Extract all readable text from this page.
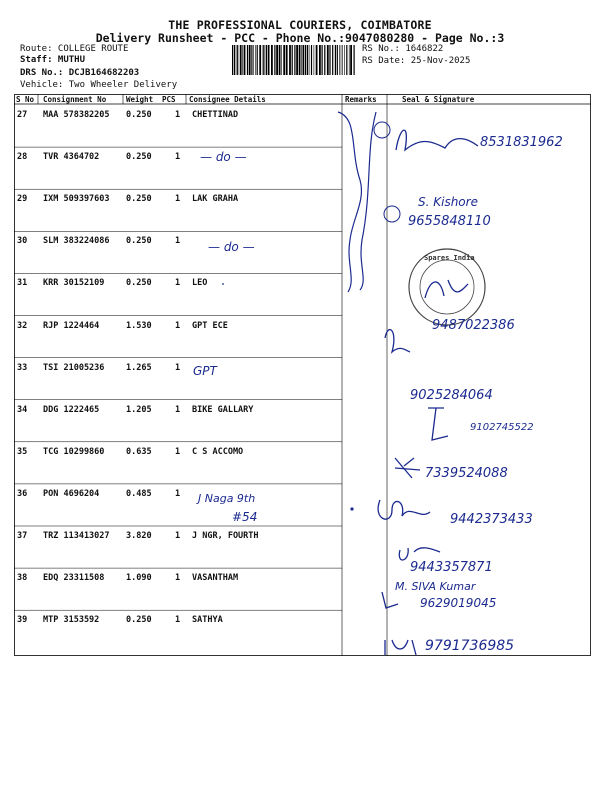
THE PROFESSIONAL COURIERS, COIMBATORE
Delivery Runsheet - PCC - Phone No.:9047080280 - Page No.:3
Route: COLLEGE ROUTE
Staff: MUTHU
DRS No.: DCJB164682203
Vehicle: Two Wheeler Delivery
RS No.: 1646822
RS Date: 25-Nov-2025
S No Consignment No	Weight PCS Consignee Details	Remarks	Seal & Signature
27 MAA 578382205 0.250	1 CHETTINAD
28 TVR 4364702	0.250	1
29 IXM 509397603 0.250	1 LAK GRAHA
30 SLM 383224086 0.250	1
31 KRR 30152109	0.250	1 LEO
32 RJP 1224464	1.530	1 GPT ECE
33 TSI 21005236	1.265	1
34 DDG 1222465	1.205	1 BIKE GALLARY
35 TCG 10299860	0.635	1 C S ACCOMO
36 PON 4696204	0.485	1
37 TRZ 113413027 3.820	1 J NGR, FOURTH
38 EDQ 23311508	1.090	1 VASANTHAM
39 MTP 3153592	0.250	1 SATHYA
8531831962
— do —
S. Kishore
9655848110
— do —
Spares India
9487022386
GPT
9025284064
9102745522
7339524088
J Naga 9th
#54	9442373433
9443357871
M. SIVA Kumar
9629019045
9791736985
